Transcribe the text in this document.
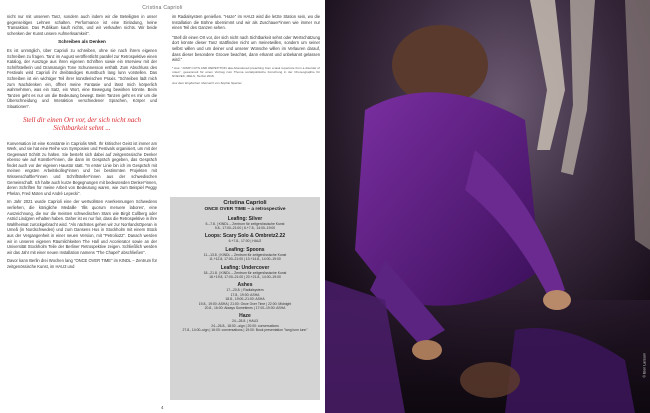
Cristina Caprioli

nicht nur mit unserem Tanz, sondern auch indem wir die Beteiligten in unser gegenseitiges Lehnen schalten. Performance ist eine Einladung, keine Transaktion. Das Publikum kauft nichts, und wir verkaufen nichts. Wir beide schenken der Kunst unsere Aufmerksamkeit".

Schreiben als Denken

Es ist unmöglich, über Caprioli zu schreiben, ohne sie nach ihrem eigenen Schreiben zu fragen. Tanz im August veröffentlicht parallel zur Retrospektive einen Katalog, der Auszüge aus ihren eigenen Schriften sowie ein Interview mit der Schriftstellerin und Dramaturgin Tone Schunnesson enthält. Zum Abschluss des Festivals wird Caprioli ihr dreibändiges Kunstbuch lang lunn vorstellen. Das Schreiben ist ein wichtiger Teil ihrer künstlerischen Praxis. "Schreiben lädt mich zum Nachdenken ein, öffnet meine Fantasie und lässt mich körperlich wahrnehmen, was ein Satz, ein Wort, eine Bewegung bewirken könnte. Beim Tanzen geht es nur um die Bedeutung bewegt. Beim Tanzen geht es mir um die Überschneidung und Interaktion verschiedener Sprachen, Körper und Situationen".

Stell dir einen Ort vor, der sich nicht nach Sichtbarkeit sehnt ...

Konversation ist eine Konstante in Capriolis Welt. Ihr kritischer Geist ist immer am Werk, und sie hat eine Reihe von Symposien und Festivals organisiert, um mit der Gegenwart Schritt zu halten. Sie besteht sich dabei auf zeitgenössische Denker ebenso wie auf Künstler*innen, die dann im Gespräch gegeben, das Gespräch findet auch vor der eigenen Haustür statt. "In erster Linie bin ich im Gespräch mit meinen engsten Arbeitskolleg*innen und bei bestimmten Projekten mit Wissenschaftler*innen und Schriftsteller*innen aus der schwedischen Gemeinschaft. Ich halte auch kurze Begegnungen mit bedeutenden Denker*innen, deren Schriften für meine Arbeit von Bedeutung waren, wie zum Beispiel Peggy Phelan, Fred Moten und André Lepecki".

Im Jahr 2021 wurde Caprioli eine der wertvollsten Anerkennungen Schwedens verliehen, die königliche Medaille 'Illis quorum meruere labores', eine Auszeichnung, die nur die meisten schwedischen Stars wie Birgit Cullberg oder Astrid Lindgren erhalten haben. Daher ist es nur fair, dass die Retrospektive in ihre Wahlheimat zurückgebracht wird. "Als nächstes gehen wir zur NorrlandsOperan in Umeå (in Nordschweden) und zum Dansens Hus in Stockholm mit einem Stück aus der Vergangenheit in einer neuen Version, mit "Petrolio22". Danach werden wir in unseren eigenen Räumlichkeiten The Hall und Accelerator sowie an der Universität Stockholm Teile der Berliner Retrospektive zeigen. Schließlich werden wir das Jahr mit einer neuen Installation namens "The Chapel" abschließen".

Davor kann Berlin drei Wochen lang "ONCE OVER TIME" im KINDL – Zentrum für zeitgenössische Kunst, im HAU3 und

im Radialsystem genießen. "Haze" im HAU3 wird die letzte Station sein, wo die Installation die Bühne übernimmt und wir als Zuschauer*innen wie immer nur einen Teil des Ganzen sehen.

"Stell dir einen Ort vor, der sich nicht nach Sichtbarkeit sehnt oder Wertschätzung dort könnte dieser Tanz stattfinden nicht um meinetwillen, sondern um seiner selbst willen und um deiner und unserer Wünsche willen im Verlauren darauf, dass dieser besondere Groove beachtet, dann erkannt und unbekannt gelassen wird."
* Aus: "JUMP CUTS AND REPETITION aka Abandoned preaching from a task repertoire from a disorder of notes", gesammelt für einen Vortrag zum Thema sozialpolitische Forschung in der Choreographie für NOEVEK, MELS, Herbst 2018.
Aus dem Englischen übersetzt von Sophie Specter.
Cristina Caprioli
ONCE OVER TIME – a retrospective
Leafing: Silver
5.–7.8. | KINDL – Zentrum für zeitgenössische Kunst
5.8., 17:00–21:00 | 6.+7.8., 14:00–19:00
Loops: Scary Solo & Ombretz2.22
6.+7.8., 17:00 | HAU2
Leafing: Spoons
11.–13.8. | KINDL – Zentrum für zeitgenössische Kunst
11.+12.8, 17:00–21:00 | 13.+14.8., 14:00–19:00
Leafing: Undercover
18.–21.8. | KINDL – Zentrum für zeitgenössische Kunst
18.+19.8, 17:00–21:00 | 20.+21.8., 14:00–19:00
Ashes
17.–20.8. | Radialsystem
17.8., 19:00: ASHA
18.8., 19:00–21:00: ASHA
19.8., 19:00: ASHA | 21:00: Once Over Time | 22:00: Midnight
20.8., 16:00: Always Sometimes | 17:00–19:00: ASHA
Haze
24.–28.8. | HAU3
24.–26.8., 18:00 –sign | 20:00: conversations
27.8., 14:00–sign | 16:00: conversations | 19:00: Book presentation "lang lunn lunn"
4
© Elon Larsson
